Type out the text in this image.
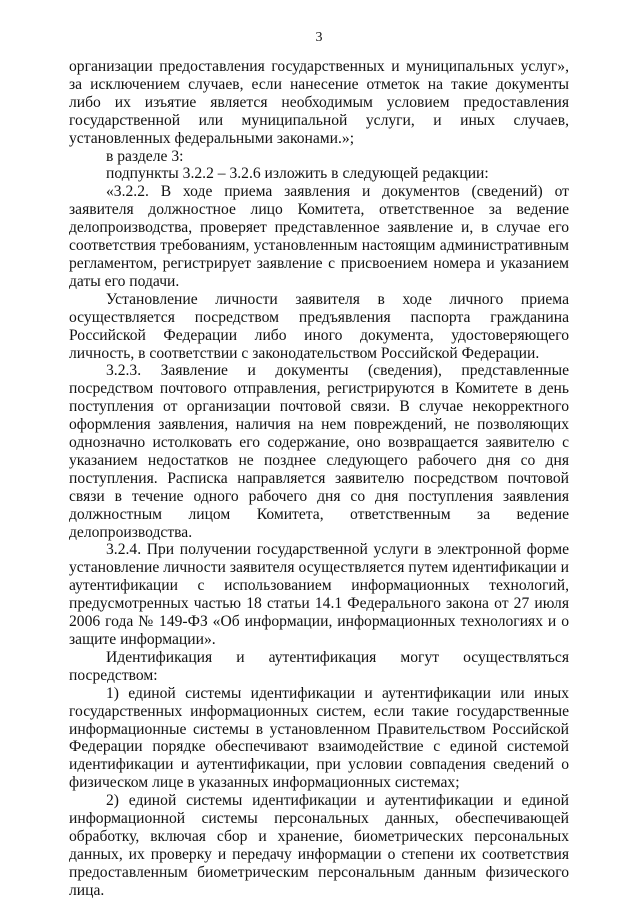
3

организации предоставления государственных и муниципальных услуг», за исключением случаев, если нанесение отметок на такие документы либо их изъятие является необходимым условием предоставления государственной или муниципальной услуги, и иных случаев, установленных федеральными законами.»;

в разделе 3:

подпункты 3.2.2 – 3.2.6 изложить в следующей редакции:

«3.2.2. В ходе приема заявления и документов (сведений) от заявителя должностное лицо Комитета, ответственное за ведение делопроизводства, проверяет представленное заявление и, в случае его соответствия требованиям, установленным настоящим административным регламентом, регистрирует заявление с присвоением номера и указанием даты его подачи.

Установление личности заявителя в ходе личного приема осуществляется посредством предъявления паспорта гражданина Российской Федерации либо иного документа, удостоверяющего личность, в соответствии с законодательством Российской Федерации.

3.2.3. Заявление и документы (сведения), представленные посредством почтового отправления, регистрируются в Комитете в день поступления от организации почтовой связи. В случае некорректного оформления заявления, наличия на нем повреждений, не позволяющих однозначно истолковать его содержание, оно возвращается заявителю с указанием недостатков не позднее следующего рабочего дня со дня поступления. Расписка направляется заявителю посредством почтовой связи в течение одного рабочего дня со дня поступления заявления должностным лицом Комитета, ответственным за ведение делопроизводства.

3.2.4. При получении государственной услуги в электронной форме установление личности заявителя осуществляется путем идентификации и аутентификации с использованием информационных технологий, предусмотренных частью 18 статьи 14.1 Федерального закона от 27 июля 2006 года № 149-ФЗ «Об информации, информационных технологиях и о защите информации».

Идентификация и аутентификация могут осуществляться посредством:

1) единой системы идентификации и аутентификации или иных государственных информационных систем, если такие государственные информационные системы в установленном Правительством Российской Федерации порядке обеспечивают взаимодействие с единой системой идентификации и аутентификации, при условии совпадения сведений о физическом лице в указанных информационных системах;

2) единой системы идентификации и аутентификации и единой информационной системы персональных данных, обеспечивающей обработку, включая сбор и хранение, биометрических персональных данных, их проверку и передачу информации о степени их соответствия предоставленным биометрическим персональным данным физического лица.
